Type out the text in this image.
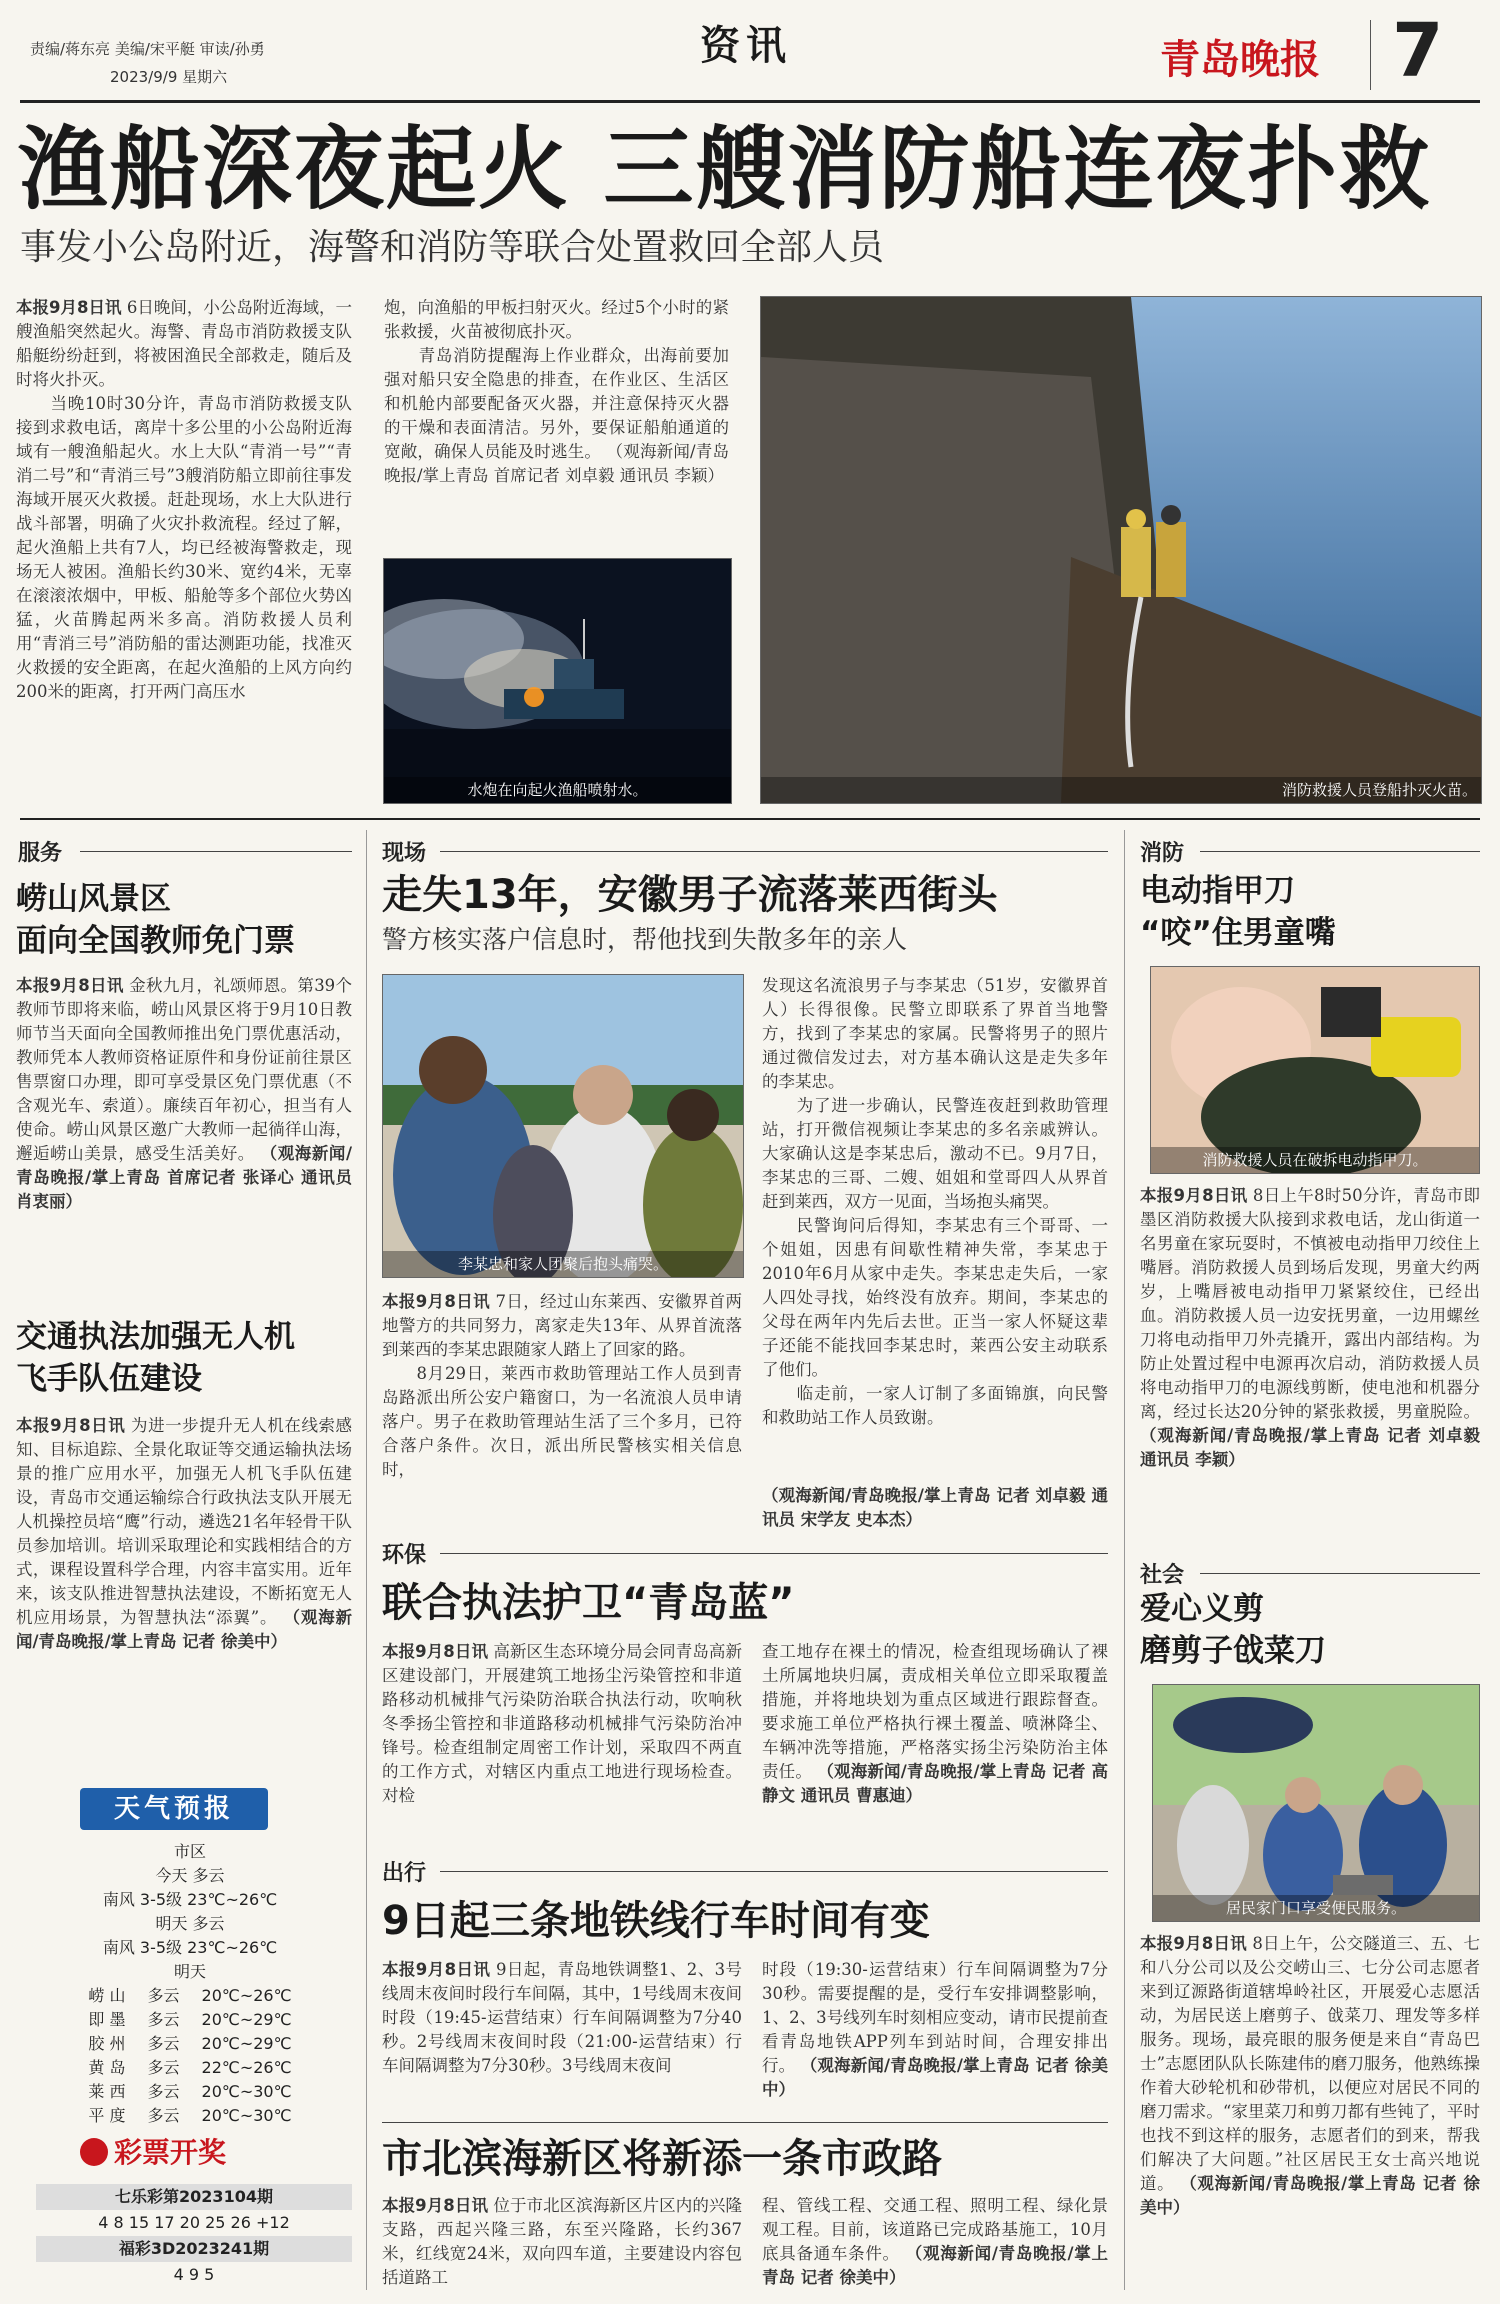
责编/蒋东亮 美编/宋平艇 审读/孙勇
2023/9/9 星期六
资讯	青岛晚报 7
渔船深夜起火 三艘消防船连夜扑救
事发小公岛附近，海警和消防等联合处置救回全部人员
本报9月8日讯 6日晚间，小公岛附近海域，一艘渔船突然起火。海警、青岛市消防救援支队船艇纷纷赶到，将被困渔民全部救走，随后及时将火扑灭。
　　当晚10时30分许，青岛市消防救援支队接到求救电话，离岸十多公里的小公岛附近海域有一艘渔船起火。水上大队“青消一号”“青消二号”和“青消三号”3艘消防船立即前往事发海域开展灭火救援。赶赴现场，水上大队进行战斗部署，明确了火灾扑救流程。经过了解，起火渔船上共有7人，均已经被海警救走，现场无人被困。渔船长约30米、宽约4米，无辜在滚滚浓烟中，甲板、船舱等多个部位火势凶猛，火苗腾起两米多高。消防救援人员利用“青消三号”消防船的雷达测距功能，找准灭火救援的安全距离，在起火渔船的上风方向约200米的距离，打开两门高压水
炮，向渔船的甲板扫射灭火。经过5个小时的紧张救援，火苗被彻底扑灭。
　　青岛消防提醒海上作业群众，出海前要加强对船只安全隐患的排查，在作业区、生活区和机舱内部要配备灭火器，并注意保持灭火器的干燥和表面清洁。另外，要保证船舶通道的宽敞，确保人员能及时逃生。 （观海新闻/青岛晚报/掌上青岛 首席记者 刘卓毅 通讯员 李颖）
水炮在向起火渔船喷射水。	消防救援人员登船扑灭火苗。
服务
崂山风景区
面向全国教师免门票
本报9月8日讯 金秋九月，礼颂师恩。第39个教师节即将来临，崂山风景区将于9月10日教师节当天面向全国教师推出免门票优惠活动，教师凭本人教师资格证原件和身份证前往景区售票窗口办理，即可享受景区免门票优惠（不含观光车、索道）。廉续百年初心，担当有人使命。崂山风景区邀广大教师一起徜徉山海，邂逅崂山美景，感受生活美好。 （观海新闻/青岛晚报/掌上青岛 首席记者 张译心 通讯员 肖衷丽）
交通执法加强无人机
飞手队伍建设
本报9月8日讯 为进一步提升无人机在线索感知、目标追踪、全景化取证等交通运输执法场景的推广应用水平，加强无人机飞手队伍建设，青岛市交通运输综合行政执法支队开展无人机操控员培“鹰”行动，遴选21名年轻骨干队员参加培训。培训采取理论和实践相结合的方式，课程设置科学合理，内容丰富实用。近年来，该支队推进智慧执法建设，不断拓宽无人机应用场景，为智慧执法“添翼”。 （观海新闻/青岛晚报/掌上青岛 记者 徐美中）
天气预报
市区
今天 多云
南风 3-5级 23℃~26℃
明天 多云
南风 3-5级 23℃~26℃
明天
崂 山 多云 20℃~26℃
即 墨 多云 20℃~29℃
胶 州 多云 20℃~29℃
黄 岛 多云 22℃~26℃
莱 西 多云 20℃~30℃
平 度 多云 20℃~30℃
彩票开奖
七乐彩第2023104期
4 8 15 17 20 25 26 +12
福彩3D2023241期
4 9 5
现场
走失13年，安徽男子流落莱西街头
警方核实落户信息时，帮他找到失散多年的亲人
李某忠和家人团聚后抱头痛哭。
本报9月8日讯 7日，经过山东莱西、安徽界首两地警方的共同努力，离家走失13年、从界首流落到莱西的李某忠跟随家人踏上了回家的路。
　　8月29日，莱西市救助管理站工作人员到青岛路派出所公安户籍窗口，为一名流浪人员申请落户。男子在救助管理站生活了三个多月，已符合落户条件。次日，派出所民警核实相关信息时，
发现这名流浪男子与李某忠（51岁，安徽界首人）长得很像。民警立即联系了界首当地警方，找到了李某忠的家属。民警将男子的照片通过微信发过去，对方基本确认这是走失多年的李某忠。
　　为了进一步确认，民警连夜赶到救助管理站，打开微信视频让李某忠的多名亲戚辨认。大家确认这是李某忠后，激动不已。9月7日，李某忠的三哥、二嫂、姐姐和堂哥四人从界首赶到莱西，双方一见面，当场抱头痛哭。
　　民警询问后得知，李某忠有三个哥哥、一个姐姐，因患有间歇性精神失常，李某忠于2010年6月从家中走失。李某忠走失后，一家人四处寻找，始终没有放弃。期间，李某忠的父母在两年内先后去世。正当一家人怀疑这辈子还能不能找回李某忠时，莱西公安主动联系了他们。
　　临走前，一家人订制了多面锦旗，向民警和救助站工作人员致谢。
（观海新闻/青岛晚报/掌上青岛 记者 刘卓毅 通讯员 宋学友 史本杰）
环保
联合执法护卫“青岛蓝”
本报9月8日讯 高新区生态环境分局会同青岛高新区建设部门，开展建筑工地扬尘污染管控和非道路移动机械排气污染防治联合执法行动，吹响秋冬季扬尘管控和非道路移动机械排气污染防治冲锋号。检查组制定周密工作计划，采取四不两直的工作方式，对辖区内重点工地进行现场检查。对检
查工地存在裸土的情况，检查组现场确认了裸土所属地块归属，责成相关单位立即采取覆盖措施，并将地块划为重点区域进行跟踪督查。要求施工单位严格执行裸土覆盖、喷淋降尘、车辆冲洗等措施，严格落实扬尘污染防治主体责任。 （观海新闻/青岛晚报/掌上青岛 记者 高静文 通讯员 曹惠迪）
出行
9日起三条地铁线行车时间有变
本报9月8日讯 9日起，青岛地铁调整1、2、3号线周末夜间时段行车间隔，其中，1号线周末夜间时段（19:45-运营结束）行车间隔调整为7分40秒。2号线周末夜间时段（21:00-运营结束）行车间隔调整为7分30秒。3号线周末夜间
时段（19:30-运营结束）行车间隔调整为7分30秒。需要提醒的是，受行车安排调整影响，1、2、3号线列车时刻相应变动，请市民提前查看青岛地铁APP列车到站时间，合理安排出行。 （观海新闻/青岛晚报/掌上青岛 记者 徐美中）
市北滨海新区将新添一条市政路
本报9月8日讯 位于市北区滨海新区片区内的兴隆支路，西起兴隆三路，东至兴隆路，长约367米，红线宽24米，双向四车道，主要建设内容包括道路工
程、管线工程、交通工程、照明工程、绿化景观工程。目前，该道路已完成路基施工，10月底具备通车条件。 （观海新闻/青岛晚报/掌上青岛 记者 徐美中）
消防
电动指甲刀
“咬”住男童嘴
消防救援人员在破拆电动指甲刀。
本报9月8日讯 8日上午8时50分许，青岛市即墨区消防救援大队接到求救电话，龙山街道一名男童在家玩耍时，不慎被电动指甲刀绞住上嘴唇。消防救援人员到场后发现，男童大约两岁，上嘴唇被电动指甲刀紧紧绞住，已经出血。消防救援人员一边安抚男童，一边用螺丝刀将电动指甲刀外壳撬开，露出内部结构。为防止处置过程中电源再次启动，消防救援人员将电动指甲刀的电源线剪断，使电池和机器分离，经过长达20分钟的紧张救援，男童脱险。 （观海新闻/青岛晚报/掌上青岛 记者 刘卓毅 通讯员 李颖）
社会
爱心义剪
磨剪子戗菜刀
居民家门口享受便民服务。
本报9月8日讯 8日上午，公交隧道三、五、七和八分公司以及公交崂山三、七分公司志愿者来到辽源路街道辖埠岭社区，开展爱心志愿活动，为居民送上磨剪子、戗菜刀、理发等多样服务。现场，最亮眼的服务便是来自“青岛巴士”志愿团队队长陈建伟的磨刀服务，他熟练操作着大砂轮机和砂带机，以便应对居民不同的磨刀需求。“家里菜刀和剪刀都有些钝了，平时也找不到这样的服务，志愿者们的到来，帮我们解决了大问题。”社区居民王女士高兴地说道。 （观海新闻/青岛晚报/掌上青岛 记者 徐美中）
